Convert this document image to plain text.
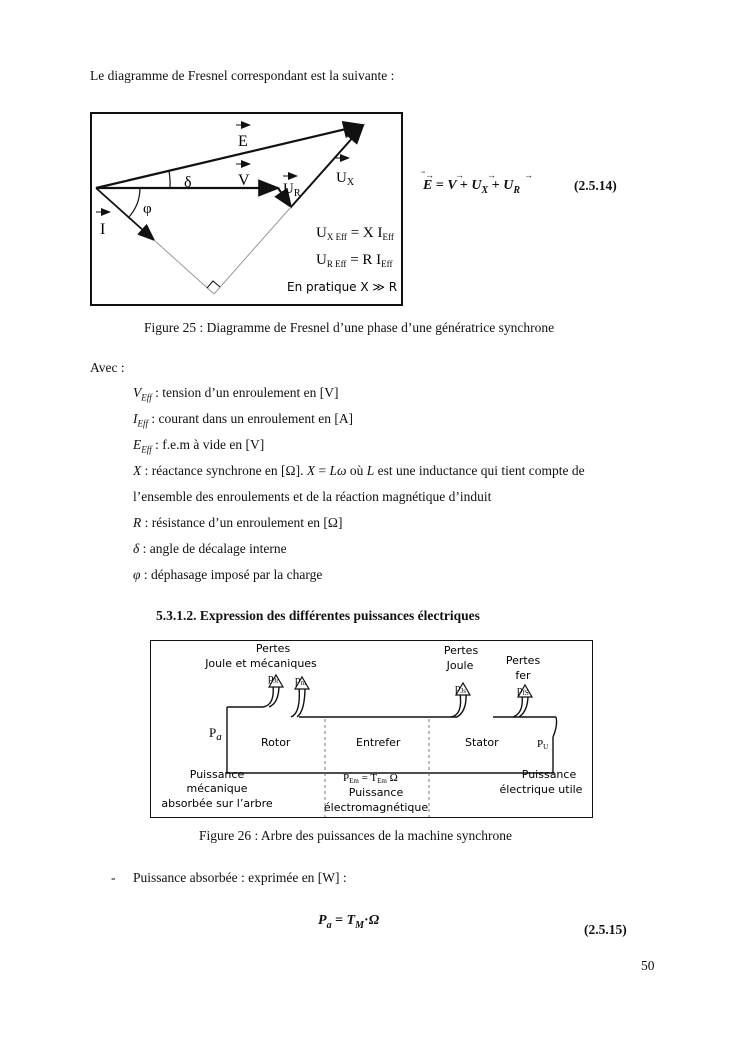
Le diagramme de Fresnel correspondant est la suivante :
E
V $U_R$
$U_X$
δ
φ
I	$U_{X Eff} = X$ $I_{Eff}$
$U_{R Eff} = R$ $I_{Eff}$
En pratique X ≫ R
$E = V + U_X + U_R$
⃗→ →	→	→
(2.5.14)
Figure 25 : Diagramme de Fresnel d’une phase d’une génératrice synchrone
Avec :
$V_{Eff}$ : tension d’un enroulement en [V]
$I_{Eff}$ : courant dans un enroulement en [A]
$E_{Eff}$ : f.e.m à vide en [V]
X : réactance synchrone en [Ω]. X = Lω où L est une inductance qui tient compte de
l’ensemble des enroulements et de la réaction magnétique d’induit
R : résistance d’un enroulement en [Ω]
δ : angle de décalage interne
φ : déphasage imposé par la charge
5.3.1.2. Expression des différentes puissances électriques
Pertes
Joule et mécaniques
pJr pm
Pertes
Joule
pJs
Pertes
fer
pfS
$P_a$	Rotor	Entrefer	Stator	PU
Puissance
mécanique
absorbée sur l’arbre
PEm = TEm Ω
Puissance
électromagnétique
Puissance
électrique utile
Figure 26 : Arbre des puissances de la machine synchrone
- Puissance absorbée : exprimée en [W] :
$P_a = T_M\cdot\Omega$
(2.5.15)
50
